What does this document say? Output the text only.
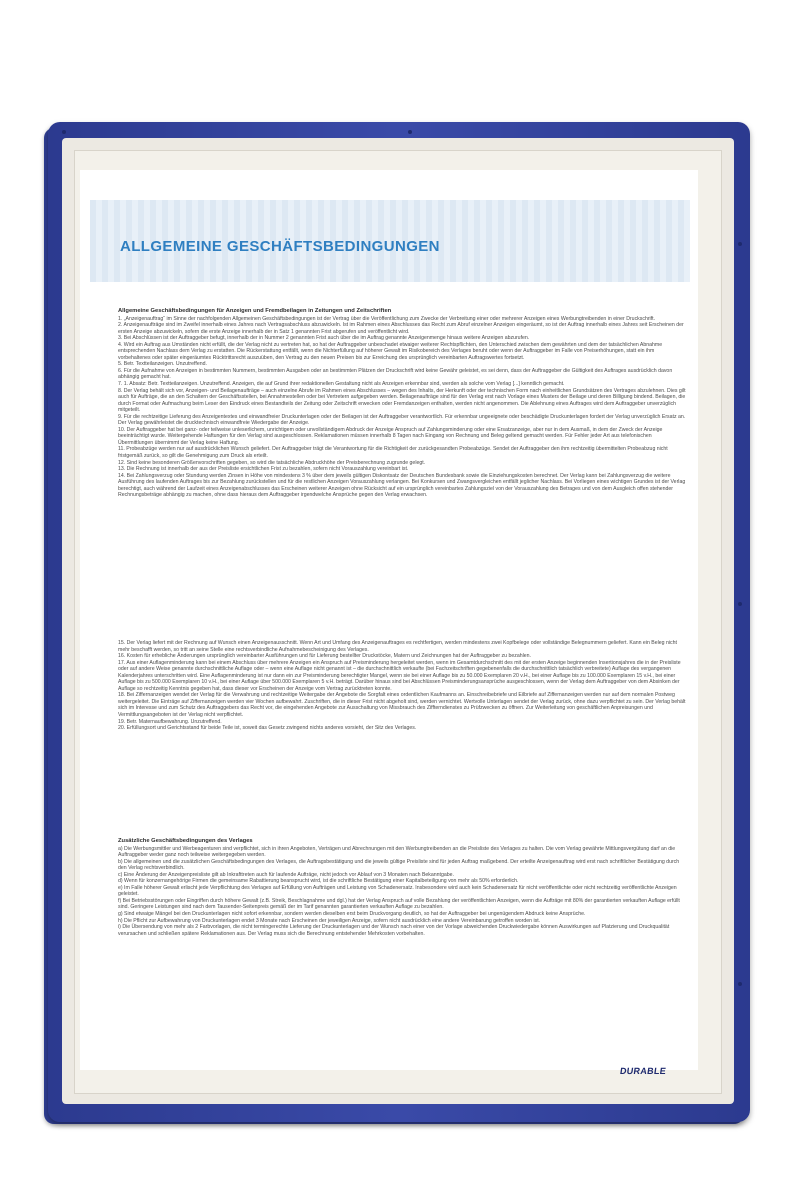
ALLGEMEINE GESCHÄFTSBEDINGUNGEN

Allgemeine Geschäftsbedingungen für Anzeigen und Fremdbeilagen in Zeitungen und Zeitschriften

1. „Anzeigenauftrag“ im Sinne der nachfolgenden Allgemeinen Geschäftsbedingungen ist der Vertrag über die Veröffentlichung zum Zwecke der Verbreitung einer oder mehrerer Anzeigen eines Werbungtreibenden in einer Druckschrift.

2. Anzeigenaufträge sind im Zweifel innerhalb eines Jahres nach Vertragsabschluss abzuwickeln. Ist im Rahmen eines Abschlusses das Recht zum Abruf einzelner Anzeigen eingeräumt, so ist der Auftrag innerhalb eines Jahres seit Erscheinen der ersten Anzeige abzuwickeln, sofern die erste Anzeige innerhalb der in Satz 1 genannten Frist abgerufen und veröffentlicht wird.

3. Bei Abschlüssen ist der Auftraggeber befugt, innerhalb der in Nummer 2 genannten Frist auch über die im Auftrag genannte Anzeigenmenge hinaus weitere Anzeigen abzurufen.

4. Wird ein Auftrag aus Umständen nicht erfüllt, die der Verlag nicht zu vertreten hat, so hat der Auftraggeber unbeschadet etwaiger weiterer Rechtspflichten, den Unterschied zwischen dem gewährten und dem der tatsächlichen Abnahme entsprechenden Nachlass dem Verlag zu erstatten. Die Rückerstattung entfällt, wenn die Nichterfüllung auf höherer Gewalt im Risikobereich des Verlages beruht oder wenn der Auftraggeber im Falle von Preiserhöhungen, statt ein ihm vorbehaltenes oder später eingeräumtes Rücktrittsrecht auszuüben, den Vertrag zu den neuen Preisen bis zur Erreichung des ursprünglich vereinbarten Auftragswertes fortsetzt.

5. Betr. Textteilanzeigen. Unzutreffend.

6. Für die Aufnahme von Anzeigen in bestimmten Nummern, bestimmten Ausgaben oder an bestimmten Plätzen der Druckschrift wird keine Gewähr geleistet, es sei denn, dass der Auftraggeber die Gültigkeit des Auftrages ausdrücklich davon abhängig gemacht hat.

7. 1. Absatz: Betr. Textteilanzeigen. Unzutreffend. Anzeigen, die auf Grund ihrer redaktionellen Gestaltung nicht als Anzeigen erkennbar sind, werden als solche vom Verlag [...] kenntlich gemacht.

8. Der Verlag behält sich vor, Anzeigen- und Beilagenaufträge – auch einzelne Abrufe im Rahmen eines Abschlusses – wegen des Inhalts, der Herkunft oder der technischen Form nach einheitlichen Grundsätzen des Vertrages abzulehnen. Dies gilt auch für Aufträge, die an den Schaltern der Geschäftsstellen, bei Annahmestellen oder bei Vertretern aufgegeben werden. Beilagenaufträge sind für den Verlag erst nach Vorlage eines Musters der Beilage und deren Billigung bindend. Beilagen, die durch Format oder Aufmachung beim Leser den Eindruck eines Bestandteils der Zeitung oder Zeitschrift erwecken oder Fremdanzeigen enthalten, werden nicht angenommen. Die Ablehnung eines Auftrages wird dem Auftraggeber unverzüglich mitgeteilt.

9. Für die rechtzeitige Lieferung des Anzeigentextes und einwandfreier Druckunterlagen oder der Beilagen ist der Auftraggeber verantwortlich. Für erkennbar ungeeignete oder beschädigte Druckunterlagen fordert der Verlag unverzüglich Ersatz an. Der Verlag gewährleistet die drucktechnisch einwandfreie Wiedergabe der Anzeige.

10. Der Auftraggeber hat bei ganz- oder teilweise unleserlichem, unrichtigem oder unvollständigem Abdruck der Anzeige Anspruch auf Zahlungsminderung oder eine Ersatzanzeige, aber nur in dem Ausmaß, in dem der Zweck der Anzeige beeinträchtigt wurde. Weitergehende Haftungen für den Verlag sind ausgeschlossen. Reklamationen müssen innerhalb 8 Tagen nach Eingang von Rechnung und Beleg geltend gemacht werden. Für Fehler jeder Art aus telefonischen Übermittlungen übernimmt der Verlag keine Haftung.

11. Probeabzüge werden nur auf ausdrücklichen Wunsch geliefert. Der Auftraggeber trägt die Verantwortung für die Richtigkeit der zurückgesandten Probeabzüge. Sendet der Auftraggeber den ihm rechtzeitig übermittelten Probeabzug nicht fristgemäß zurück, so gilt die Genehmigung zum Druck als erteilt.

12. Sind keine besonderen Größenvorschriften gegeben, so wird die tatsächliche Abdruckhöhe der Preisberechnung zugrunde gelegt.

13. Die Rechnung ist innerhalb der aus der Preisliste ersichtlichen Frist zu bezahlen, sofern nicht Vorauszahlung vereinbart ist.

14. Bei Zahlungsverzug oder Stundung werden Zinsen in Höhe von mindestens 3 % über dem jeweils gültigen Diskontsatz der Deutschen Bundesbank sowie die Einziehungskosten berechnet. Der Verlag kann bei Zahlungsverzug die weitere Ausführung des laufenden Auftrages bis zur Bezahlung zurückstellen und für die restlichen Anzeigen Vorauszahlung verlangen. Bei Konkursen und Zwangsvergleichen entfällt jeglicher Nachlass. Bei Vorliegen eines wichtigen Grundes ist der Verlag berechtigt, auch während der Laufzeit eines Anzeigenabschlusses das Erscheinen weiterer Anzeigen ohne Rücksicht auf ein ursprünglich vereinbartes Zahlungsziel von der Vorauszahlung des Betrages und von dem Ausgleich offen stehender Rechnungsbeträge abhängig zu machen, ohne dass hieraus dem Auftraggeber irgendwelche Ansprüche gegen den Verlag erwachsen.

15. Der Verlag liefert mit der Rechnung auf Wunsch einen Anzeigenausschnitt. Wenn Art und Umfang des Anzeigenauftrages es rechtfertigen, werden mindestens zwei Kopfbelege oder vollständige Belegnummern geliefert. Kann ein Beleg nicht mehr beschafft werden, so tritt an seine Stelle eine rechtsverbindliche Aufnahmebescheinigung des Verlages.

16. Kosten für erhebliche Änderungen ursprünglich vereinbarter Ausführungen und für Lieferung bestellter Druckstöcke, Matern und Zeichnungen hat der Auftraggeber zu bezahlen.

17. Aus einer Auflagenminderung kann bei einem Abschluss über mehrere Anzeigen ein Anspruch auf Preisminderung hergeleitet werden, wenn im Gesamtdurchschnitt des mit der ersten Anzeige beginnenden Insertionsjahres die in der Preisliste oder auf andere Weise genannte durchschnittliche Auflage oder – wenn eine Auflage nicht genannt ist – die durchschnittlich verkaufte (bei Fachzeitschriften gegebenenfalls die durchschnittlich tatsächlich verbreitete) Auflage des vergangenen Kalenderjahres unterschritten wird. Eine Auflagenminderung ist nur dann ein zur Preisminderung berechtigter Mangel, wenn sie bei einer Auflage bis zu 50.000 Exemplaren 20 v.H., bei einer Auflage bis zu 100.000 Exemplaren 15 v.H., bei einer Auflage bis zu 500.000 Exemplaren 10 v.H., bei einer Auflage über 500.000 Exemplaren 5 v.H. beträgt. Darüber hinaus sind bei Abschlüssen Preisminderungsansprüche ausgeschlossen, wenn der Verlag dem Auftraggeber von dem Absinken der Auflage so rechtzeitig Kenntnis gegeben hat, dass dieser vor Erscheinen der Anzeige vom Vertrag zurücktreten konnte.

18. Bei Ziffernanzeigen wendet der Verlag für die Verwahrung und rechtzeitige Weitergabe der Angebote die Sorgfalt eines ordentlichen Kaufmanns an. Einschreibebriefe und Eilbriefe auf Ziffernanzeigen werden nur auf dem normalen Postweg weitergeleitet. Die Einträge auf Ziffernanzeigen werden vier Wochen aufbewahrt. Zuschriften, die in dieser Frist nicht abgeholt sind, werden vernichtet. Wertvolle Unterlagen sendet der Verlag zurück, ohne dazu verpflichtet zu sein. Der Verlag behält sich im Interesse und zum Schutz des Auftraggebers das Recht vor, die eingehenden Angebote zur Ausschaltung von Missbrauch des Ziffterndienstes zu Prüfzwecken zu öffnen. Zur Weiterleitung von geschäftlichen Anpreisungen und Vermittlungsangeboten ist der Verlag nicht verpflichtet.

19. Betr. Maternaufbewahrung. Unzutreffend.

20. Erfüllungsort und Gerichtsstand für beide Teile ist, soweit das Gesetz zwingend nichts anderes vorsieht, der Sitz des Verlages.

Zusätzliche Geschäftsbedingungen des Verlages

a) Die Werbungsmittler und Werbeagenturen sind verpflichtet, sich in ihren Angeboten, Verträgen und Abrechnungen mit den Werbungtreibenden an die Preisliste des Verlages zu halten. Die vom Verlag gewährte Mittlungsvergütung darf an die Auftraggeber weder ganz noch teilweise weitergegeben werden.

b) Die allgemeinen und die zusätzlichen Geschäftsbedingungen des Verlages, die Auftragsbestätigung und die jeweils gültige Preisliste sind für jeden Auftrag maßgebend. Der erteilte Anzeigenauftrag wird erst nach schriftlicher Bestätigung durch den Verlag rechtsverbindlich.

c) Eine Änderung der Anzeigenpreisliste gilt ab Inkrafttreten auch für laufende Aufträge, nicht jedoch vor Ablauf von 3 Monaten nach Bekanntgabe.

d) Wenn für konzernangehörige Firmen die gemeinsame Rabattierung beansprucht wird, ist die schriftliche Bestätigung einer Kapitalbeteiligung von mehr als 50% erforderlich.

e) Im Falle höherer Gewalt erlischt jede Verpflichtung des Verlages auf Erfüllung von Aufträgen und Leistung von Schadenersatz. Insbesondere wird auch kein Schadenersatz für nicht veröffentlichte oder nicht rechtzeitig veröffentlichte Anzeigen geleistet.

f) Bei Betriebsstörungen oder Eingriffen durch höhere Gewalt (z.B. Streik, Beschlagnahme und dgl.) hat der Verlag Anspruch auf volle Bezahlung der veröffentlichten Anzeigen, wenn die Aufträge mit 80% der garantierten verkauften Auflage erfüllt sind. Geringere Leistungen sind nach dem Tausender-Seitenpreis gemäß der im Tarif genannten garantierten verkauften Auflage zu bezahlen.

g) Sind etwaige Mängel bei den Druckunterlagen nicht sofort erkennbar, sondern werden dieselben erst beim Druckvorgang deutlich, so hat der Auftraggeber bei ungenügendem Abdruck keine Ansprüche.

h) Die Pflicht zur Aufbewahrung von Druckunterlagen endet 3 Monate nach Erscheinen der jeweiligen Anzeige, sofern nicht ausdrücklich eine andere Vereinbarung getroffen worden ist.

i) Die Übersendung von mehr als 2 Farbvorlagen, die nicht termingerechte Lieferung der Druckunterlagen und der Wunsch nach einer von der Vorlage abweichenden Druckwiedergabe können Auswirkungen auf Platzierung und Druckqualität verursachen und schließen spätere Reklamationen aus. Der Verlag muss sich die Berechnung entstehender Mehrkosten vorbehalten.

DURABLE
